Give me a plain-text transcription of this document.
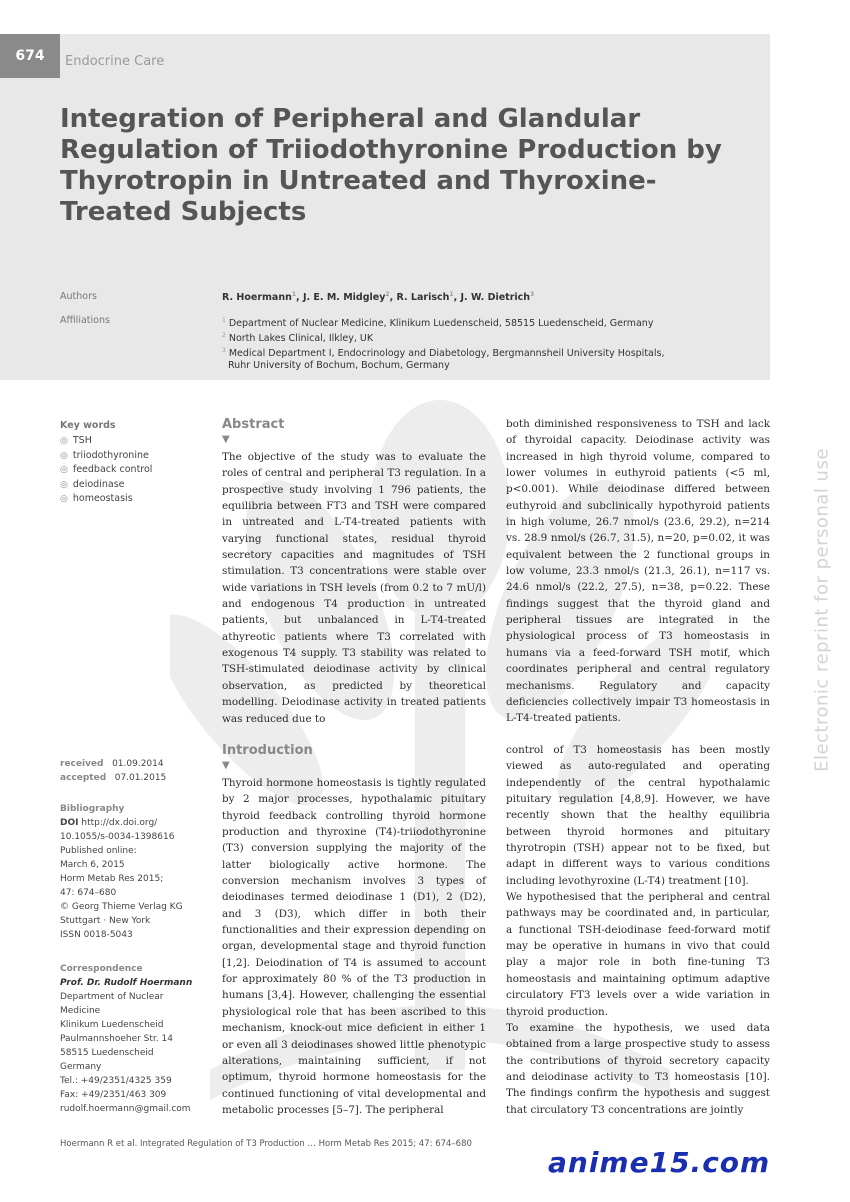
674	Endocrine Care
Integration of Peripheral and Glandular Regulation of Triiodothyronine Production by Thyrotropin in Untreated and Thyroxine-Treated Subjects
Authors	R. Hoermann$^1$, J. E. M. Midgley$^2$, R. Larisch$^1$, J. W. Dietrich$^3$
Affiliations	$^1$ Department of Nuclear Medicine, Klinikum Luedenscheid, 58515 Luedenscheid, Germany
$^2$ North Lakes Clinical, Ilkley, UK
$^3$ Medical Department I, Endocrinology and Diabetology, Bergmannsheil University Hospitals,
Ruhr University of Bochum, Bochum, Germany
Electronic reprint for personal use
Key words
◎ TSH
◎ triiodothyronine
◎ feedback control
◎ deiodinase
◎ homeostasis
Abstract
▼

The objective of the study was to evaluate the roles of central and peripheral T3 regulation. In a prospective study involving 1 796 patients, the equilibria between FT3 and TSH were compared in untreated and L-T4-treated patients with varying functional states, residual thyroid secretory capacities and magnitudes of TSH stimulation. T3 concentrations were stable over wide variations in TSH levels (from 0.2 to 7 mU/l) and endogenous T4 production in untreated patients, but unbalanced in L-T4-treated athyreotic patients where T3 correlated with exogenous T4 supply. T3 stability was related to TSH-stimulated deiodinase activity by clinical observation, as predicted by theoretical modelling. Deiodinase activity in treated patients was reduced due to

both diminished responsiveness to TSH and lack of thyroidal capacity. Deiodinase activity was increased in high thyroid volume, compared to lower volumes in euthyroid patients (<5 ml, p<0.001). While deiodinase differed between euthyroid and subclinically hypothyroid patients in high volume, 26.7 nmol/s (23.6, 29.2), n=214 vs. 28.9 nmol/s (26.7, 31.5), n=20, p=0.02, it was equivalent between the 2 functional groups in low volume, 23.3 nmol/s (21.3, 26.1), n=117 vs. 24.6 nmol/s (22.2, 27.5), n=38, p=0.22. These findings suggest that the thyroid gland and peripheral tissues are integrated in the physiological process of T3 homeostasis in humans via a feed-forward TSH motif, which coordinates peripheral and central regulatory mechanisms. Regulatory and capacity deficiencies collectively impair T3 homeostasis in L-T4-treated patients.

received 01.09.2014
accepted 07.01.2015
Bibliography
DOI http://dx.doi.org/
10.1055/s-0034-1398616
Published online:
March 6, 2015
Horm Metab Res 2015;
47: 674–680
© Georg Thieme Verlag KG
Stuttgart · New York
ISSN 0018-5043
Correspondence
Prof. Dr. Rudolf Hoermann
Department of Nuclear
Medicine
Klinikum Luedenscheid
Paulmannshoeher Str. 14
58515 Luedenscheid
Germany
Tel.: +49/2351/4325 359
Fax: +49/2351/463 309
rudolf.hoermann@gmail.com
Introduction
▼

Thyroid hormone homeostasis is tightly regulated by 2 major processes, hypothalamic pituitary thyroid feedback controlling thyroid hormone production and thyroxine (T4)-triiodothyronine (T3) conversion supplying the majority of the latter biologically active hormone. The conversion mechanism involves 3 types of deiodinases termed deiodinase 1 (D1), 2 (D2), and 3 (D3), which differ in both their functionalities and their expression depending on organ, developmental stage and thyroid function [1,2]. Deiodination of T4 is assumed to account for approximately 80 % of the T3 production in humans [3,4]. However, challenging the essential physiological role that has been ascribed to this mechanism, knock-out mice deficient in either 1 or even all 3 deiodinases showed little phenotypic alterations, maintaining sufficient, if not optimum, thyroid hormone homeostasis for the continued functioning of vital developmental and metabolic processes [5–7]. The peripheral

control of T3 homeostasis has been mostly viewed as auto-regulated and operating independently of the central hypothalamic pituitary regulation [4,8,9]. However, we have recently shown that the healthy equilibria between thyroid hormones and pituitary thyrotropin (TSH) appear not to be fixed, but adapt in different ways to various conditions including levothyroxine (L-T4) treatment [10].

We hypothesised that the peripheral and central pathways may be coordinated and, in particular, a functional TSH-deiodinase feed-forward motif may be operative in humans in vivo that could play a major role in both fine-tuning T3 homeostasis and maintaining optimum adaptive circulatory FT3 levels over a wide variation in thyroid production.

To examine the hypothesis, we used data obtained from a large prospective study to assess the contributions of thyroid secretory capacity and deiodinase activity to T3 homeostasis [10]. The findings confirm the hypothesis and suggest that circulatory T3 concentrations are jointly

Hoermann R et al. Integrated Regulation of T3 Production … Horm Metab Res 2015; 47: 674–680
anime15.com
